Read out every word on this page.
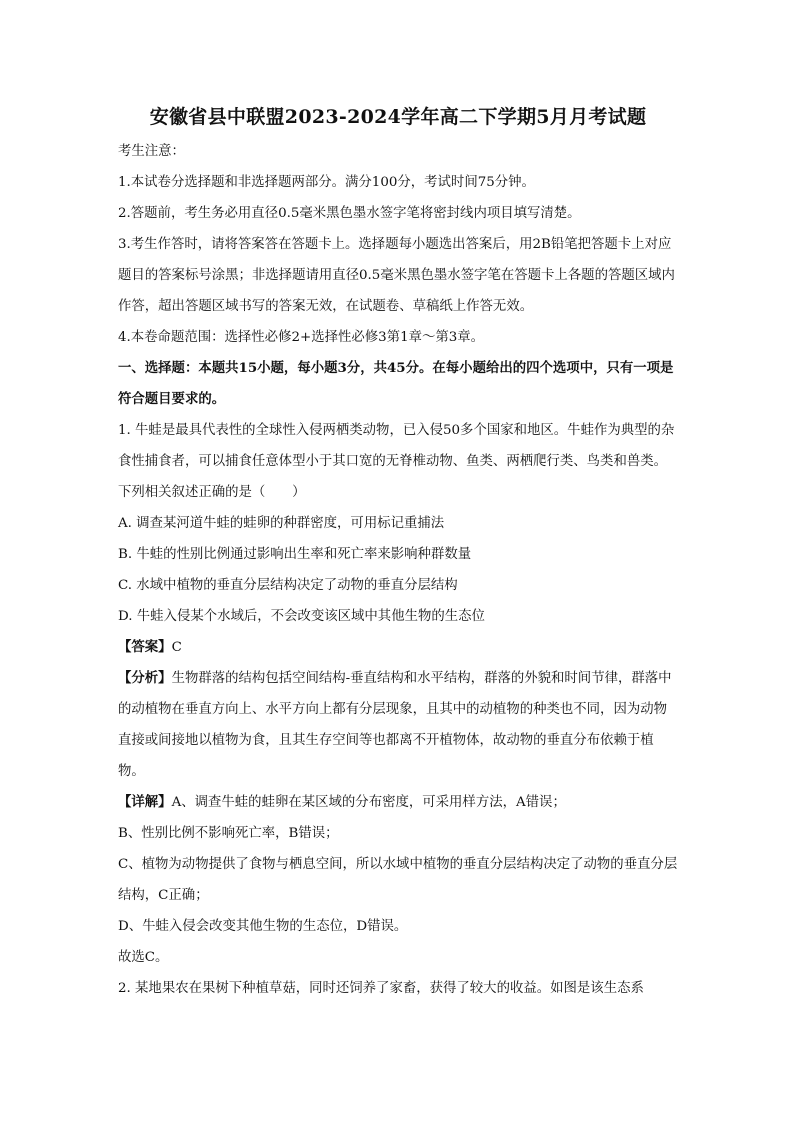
安徽省县中联盟2023-2024学年高二下学期5月月考试题

考生注意：

1.本试卷分选择题和非选择题两部分。满分100分，考试时间75分钟。

2.答题前，考生务必用直径0.5毫米黑色墨水签字笔将密封线内项目填写清楚。

3.考生作答时，请将答案答在答题卡上。选择题每小题选出答案后，用2B铅笔把答题卡上对应题目的答案标号涂黑；非选择题请用直径0.5毫米黑色墨水签字笔在答题卡上各题的答题区域内作答，超出答题区域书写的答案无效，在试题卷、草稿纸上作答无效。

4.本卷命题范围：选择性必修2+选择性必修3第1章～第3章。

一、选择题：本题共15小题，每小题3分，共45分。在每小题给出的四个选项中，只有一项是符合题目要求的。

1. 牛蛙是最具代表性的全球性入侵两栖类动物，已入侵50多个国家和地区。牛蛙作为典型的杂食性捕食者，可以捕食任意体型小于其口宽的无脊椎动物、鱼类、两栖爬行类、鸟类和兽类。下列相关叙述正确的是（　　）

A. 调查某河道牛蛙的蛙卵的种群密度，可用标记重捕法

B. 牛蛙的性别比例通过影响出生率和死亡率来影响种群数量

C. 水域中植物的垂直分层结构决定了动物的垂直分层结构

D. 牛蛙入侵某个水域后，不会改变该区域中其他生物的生态位

【答案】C

【分析】生物群落的结构包括空间结构-垂直结构和水平结构，群落的外貌和时间节律，群落中的动植物在垂直方向上、水平方向上都有分层现象，且其中的动植物的种类也不同，因为动物直接或间接地以植物为食，且其生存空间等也都离不开植物体，故动物的垂直分布依赖于植物。

【详解】A、调查牛蛙的蛙卵在某区域的分布密度，可采用样方法，A错误；

B、性别比例不影响死亡率，B错误；

C、植物为动物提供了食物与栖息空间，所以水域中植物的垂直分层结构决定了动物的垂直分层结构，C正确；

D、牛蛙入侵会改变其他生物的生态位，D错误。

故选C。

2. 某地果农在果树下种植草菇，同时还饲养了家畜，获得了较大的收益。如图是该生态系
